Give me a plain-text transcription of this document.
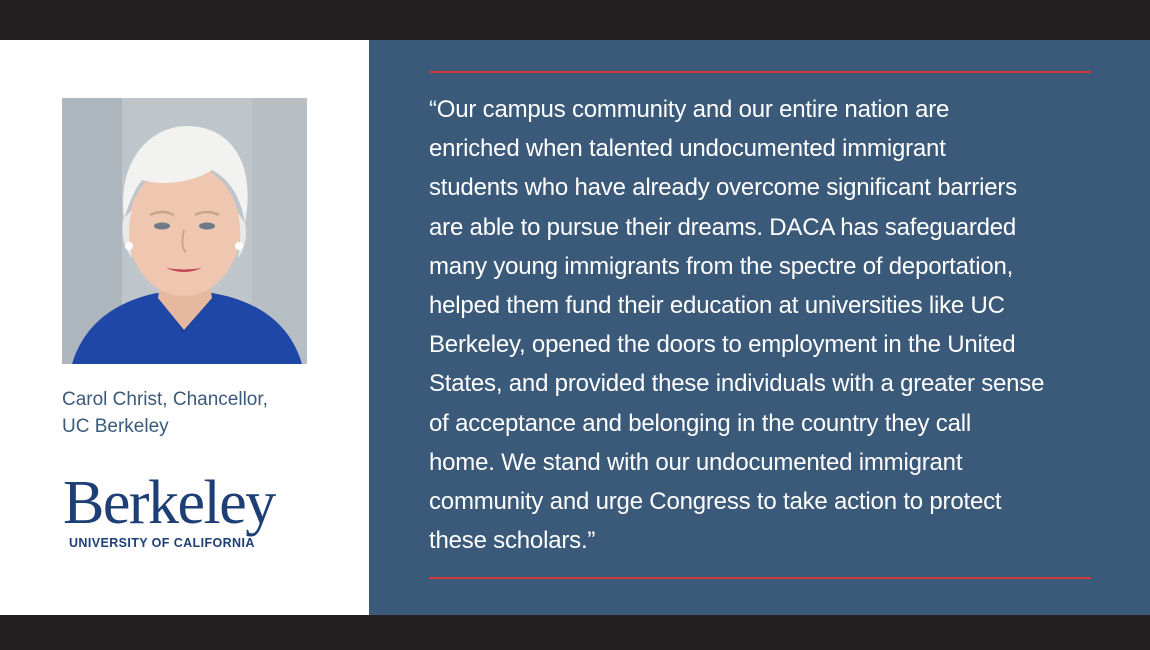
Carol Christ, Chancellor,
UC Berkeley

Berkeley
UNIVERSITY OF CALIFORNIA

“Our campus community and our entire nation are
enriched when talented undocumented immigrant
students who have already overcome significant barriers
are able to pursue their dreams. DACA has safeguarded
many young immigrants from the spectre of deportation,
helped them fund their education at universities like UC
Berkeley, opened the doors to employment in the United
States, and provided these individuals with a greater sense
of acceptance and belonging in the country they call
home. We stand with our undocumented immigrant
community and urge Congress to take action to protect
these scholars.”
